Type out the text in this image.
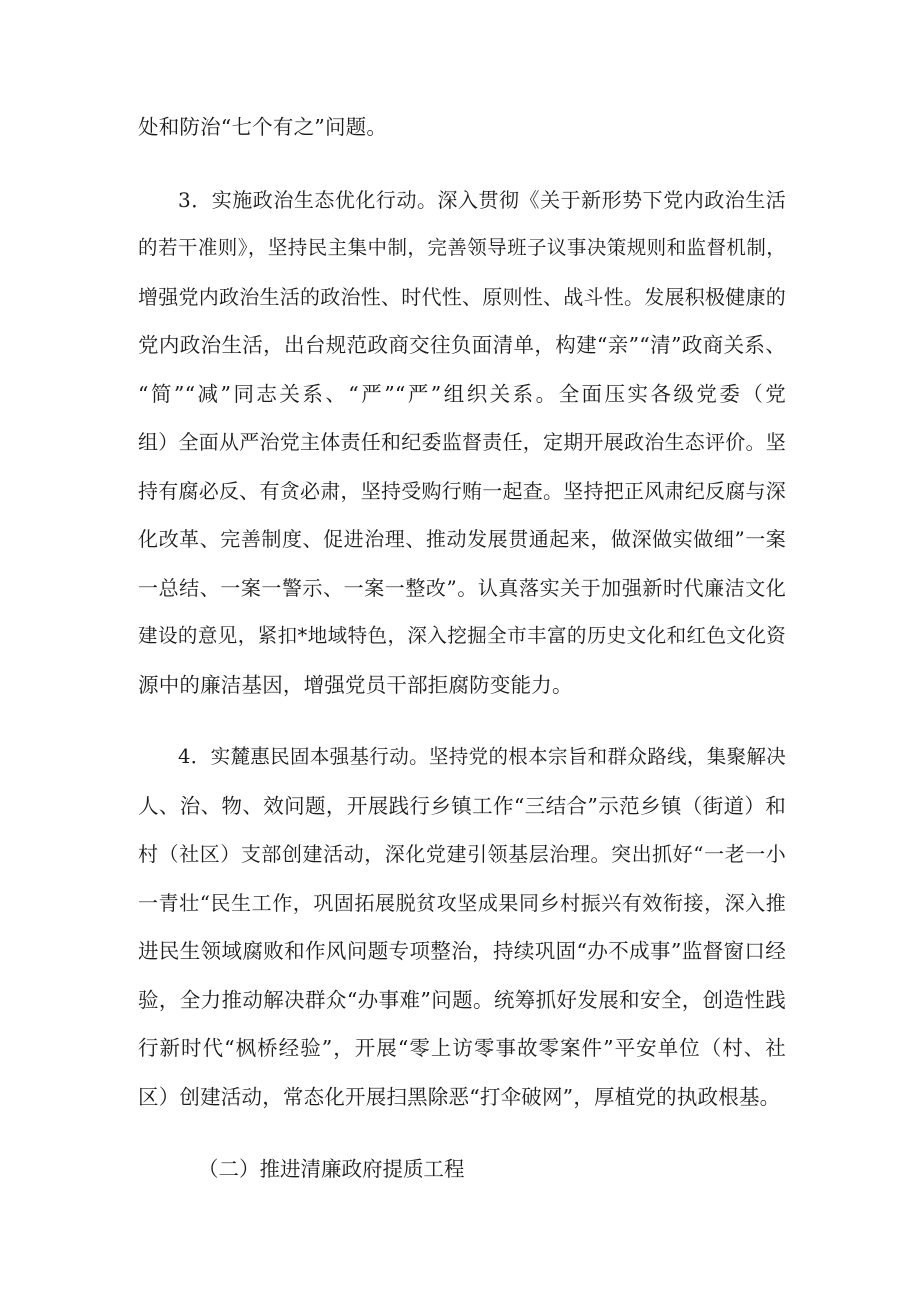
处和防治“七个有之”问题。
3．实施政治生态优化行动。深入贯彻《关于新形势下党内政治生活
的若干准则》，坚持民主集中制，完善领导班子议事决策规则和监督机制，
增强党内政治生活的政治性、时代性、原则性、战斗性。发展积极健康的
党内政治生活，出台规范政商交往负面清单，构建“亲”“清”政商关系、
“简”“减”同志关系、“严”“严”组织关系。全面压实各级党委（党
组）全面从严治党主体责任和纪委监督责任，定期开展政治生态评价。坚
持有腐必反、有贪必肃，坚持受购行贿一起查。坚持把正风肃纪反腐与深
化改革、完善制度、促进治理、推动发展贯通起来，做深做实做细”一案
一总结、一案一警示、一案一整改”。认真落实关于加强新时代廉洁文化
建设的意见，紧扣*地域特色，深入挖掘全市丰富的历史文化和红色文化资
源中的廉洁基因，增强党员干部拒腐防变能力。
4．实麓惠民固本强基行动。坚持党的根本宗旨和群众路线，集聚解决
人、治、物、效问题，开展践行乡镇工作“三结合”示范乡镇（街道）和
村（社区）支部创建活动，深化党建引领基层治理。突出抓好“一老一小
一青壮“民生工作，巩固拓展脱贫攻坚成果同乡村振兴有效衔接，深入推
进民生领域腐败和作风问题专项整治，持续巩固“办不成事”监督窗口经
验，全力推动解决群众“办事难”问题。统筹抓好发展和安全，创造性践
行新时代“枫桥经验”，开展“零上访零事故零案件”平安单位（村、社
区）创建活动，常态化开展扫黑除恶“打伞破网”，厚植党的执政根基。
（二）推进清廉政府提质工程
